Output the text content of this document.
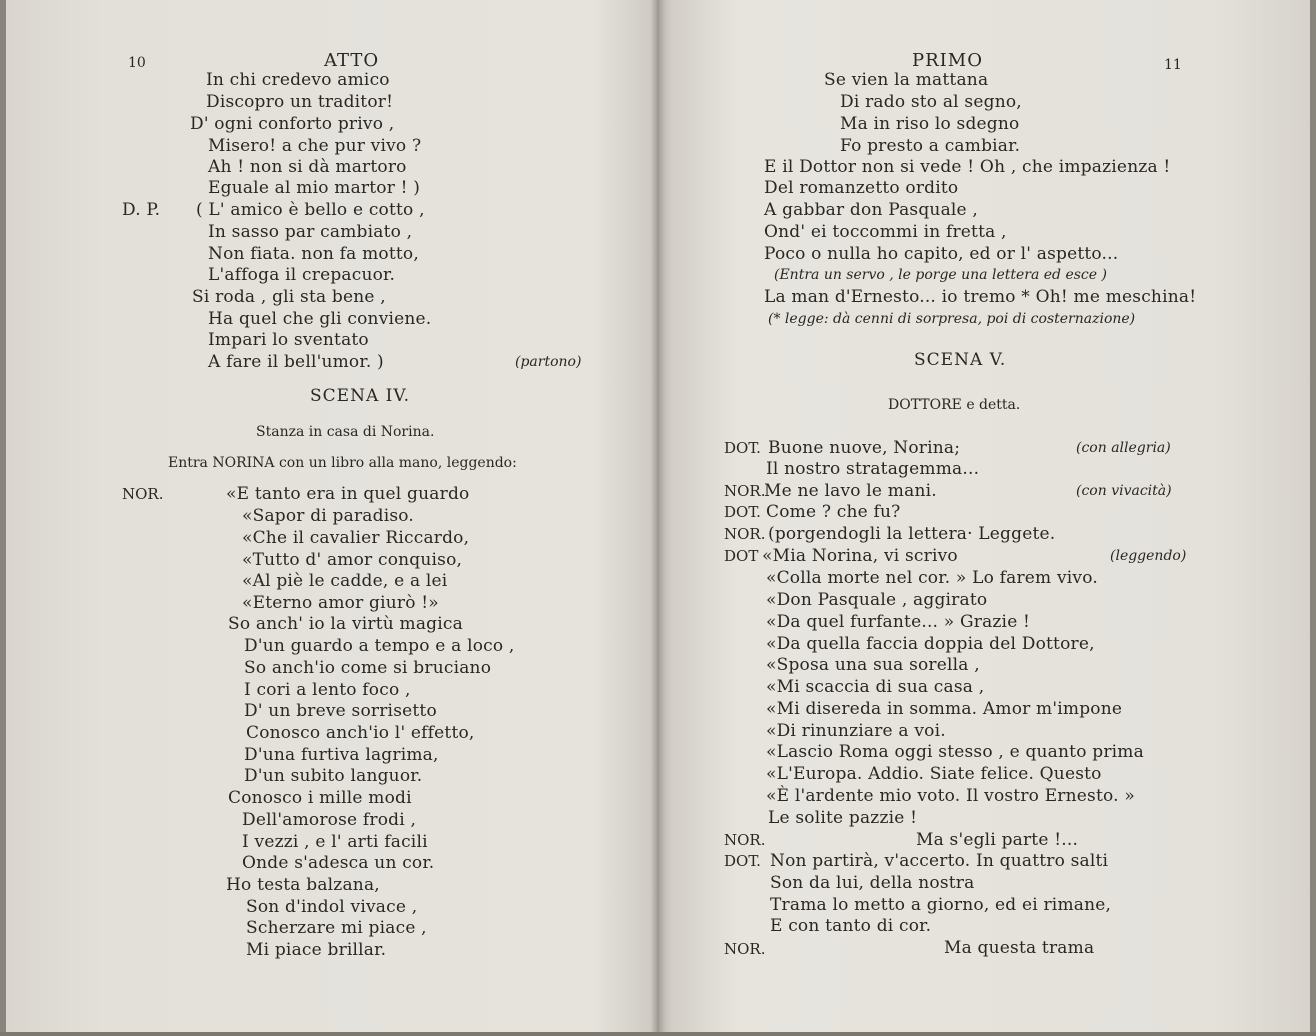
10	ATTO
In chi credevo amico
Discopro un traditor!
D' ogni conforto privo ,
Misero! a che pur vivo ?
Ah ! non si dà martoro
Eguale al mio martor ! )
D. P. ( L' amico è bello e cotto ,
In sasso par cambiato ,
Non fiata. non fa motto,
L'affoga il crepacuor.
Si roda , gli sta bene ,
Ha quel che gli conviene.
Impari lo sventato
A fare il bell'umor. )	(partono)
SCENA IV.
Stanza in casa di Norina.
Entra NORINA con un libro alla mano, leggendo:
NOR.	«E tanto era in quel guardo
«Sapor di paradiso.
«Che il cavalier Riccardo,
«Tutto d' amor conquiso,
«Al piè le cadde, e a lei
«Eterno amor giurò !»
So anch' io la virtù magica
D'un guardo a tempo e a loco ,
So anch'io come si bruciano
I cori a lento foco ,
D' un breve sorrisetto
Conosco anch'io l' effetto,
D'una furtiva lagrima,
D'un subito languor.
Conosco i mille modi
Dell'amorose frodi ,
I vezzi , e l' arti facili
Onde s'adesca un cor.
Ho testa balzana,
Son d'indol vivace ,
Scherzare mi piace ,
Mi piace brillar.
PRIMO	11
Se vien la mattana
Di rado sto al segno,
Ma in riso lo sdegno
Fo presto a cambiar.
E il Dottor non si vede ! Oh , che impazienza !
Del romanzetto ordito
A gabbar don Pasquale ,
Ond' ei toccommi in fretta ,
Poco o nulla ho capito, ed or l' aspetto...
(Entra un servo , le porge una lettera ed esce )
La man d'Ernesto... io tremo * Oh! me meschina!
(* legge: dà cenni di sorpresa, poi di costernazione)
SCENA V.
DOTTORE e detta.
DOT. Buone nuove, Norina;	(con allegria)
Il nostro stratagemma...
NOR.
Me ne lavo le mani.	(con vivacità)
DOT. Come ? che fu?
NOR. (porgendogli la lettera· Leggete.
DOT «Mia Norina, vi scrivo	(leggendo)
«Colla morte nel cor. » Lo farem vivo.
«Don Pasquale , aggirato
«Da quel furfante... » Grazie !
«Da quella faccia doppia del Dottore,
«Sposa una sua sorella ,
«Mi scaccia di sua casa ,
«Mi disereda in somma. Amor m'impone
«Di rinunziare a voi.
«Lascio Roma oggi stesso , e quanto prima
«L'Europa. Addio. Siate felice. Questo
«È l'ardente mio voto. Il vostro Ernesto. »
Le solite pazzie !
NOR.	Ma s'egli parte !...
DOT. Non partirà, v'accerto. In quattro salti
Son da lui, della nostra
Trama lo metto a giorno, ed ei rimane,
E con tanto di cor.
NOR.	Ma questa trama
